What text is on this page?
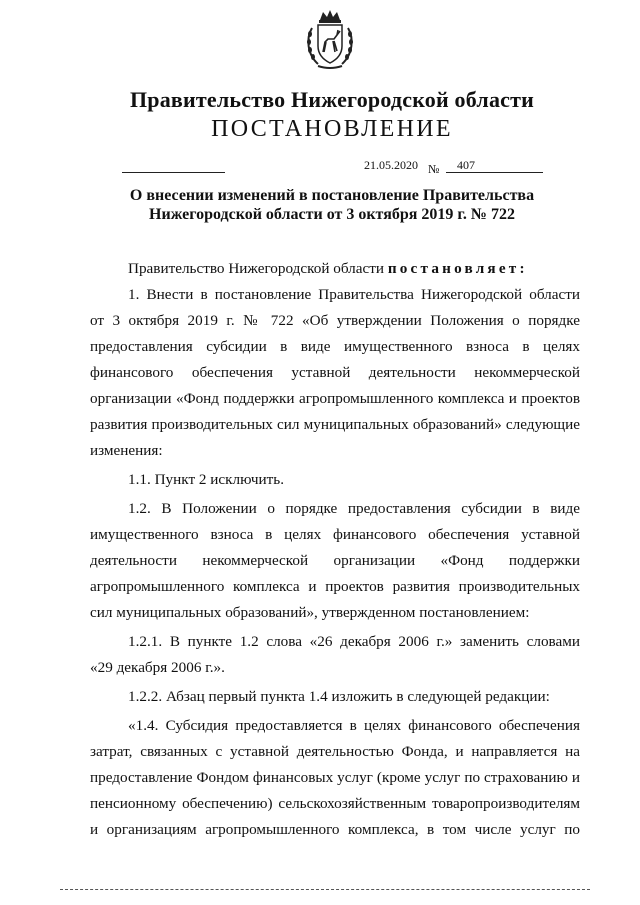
Правительство Нижегородской области
ПОСТАНОВЛЕНИЕ
21.05.2020 № 407
О внесении изменений в постановление Правительства
Нижегородской области от 3 октября 2019 г. № 722

Правительство Нижегородской области постановляет:

1. Внести в постановление Правительства Нижегородской области

от 3 октября 2019 г. № 722 «Об утверждении Положения о порядке

предоставления субсидии в виде имущественного взноса в целях

финансового обеспечения уставной деятельности некоммерческой

организации «Фонд поддержки агропромышленного комплекса и проектов

развития производительных сил муниципальных образований» следующие

изменения:

1.1. Пункт 2 исключить.

1.2. В Положении о порядке предоставления субсидии в виде

имущественного взноса в целях финансового обеспечения уставной

деятельности некоммерческой организации «Фонд поддержки

агропромышленного комплекса и проектов развития производительных

сил муниципальных образований», утвержденном постановлением:

1.2.1. В пункте 1.2 слова «26 декабря 2006 г.» заменить словами

«29 декабря 2006 г.».

1.2.2. Абзац первый пункта 1.4 изложить в следующей редакции:

«1.4. Субсидия предоставляется в целях финансового обеспечения

затрат, связанных с уставной деятельностью Фонда, и направляется на

предоставление Фондом финансовых услуг (кроме услуг по страхованию и

пенсионному обеспечению) сельскохозяйственным товаропроизводителям

и организациям агропромышленного комплекса, в том числе услуг по
